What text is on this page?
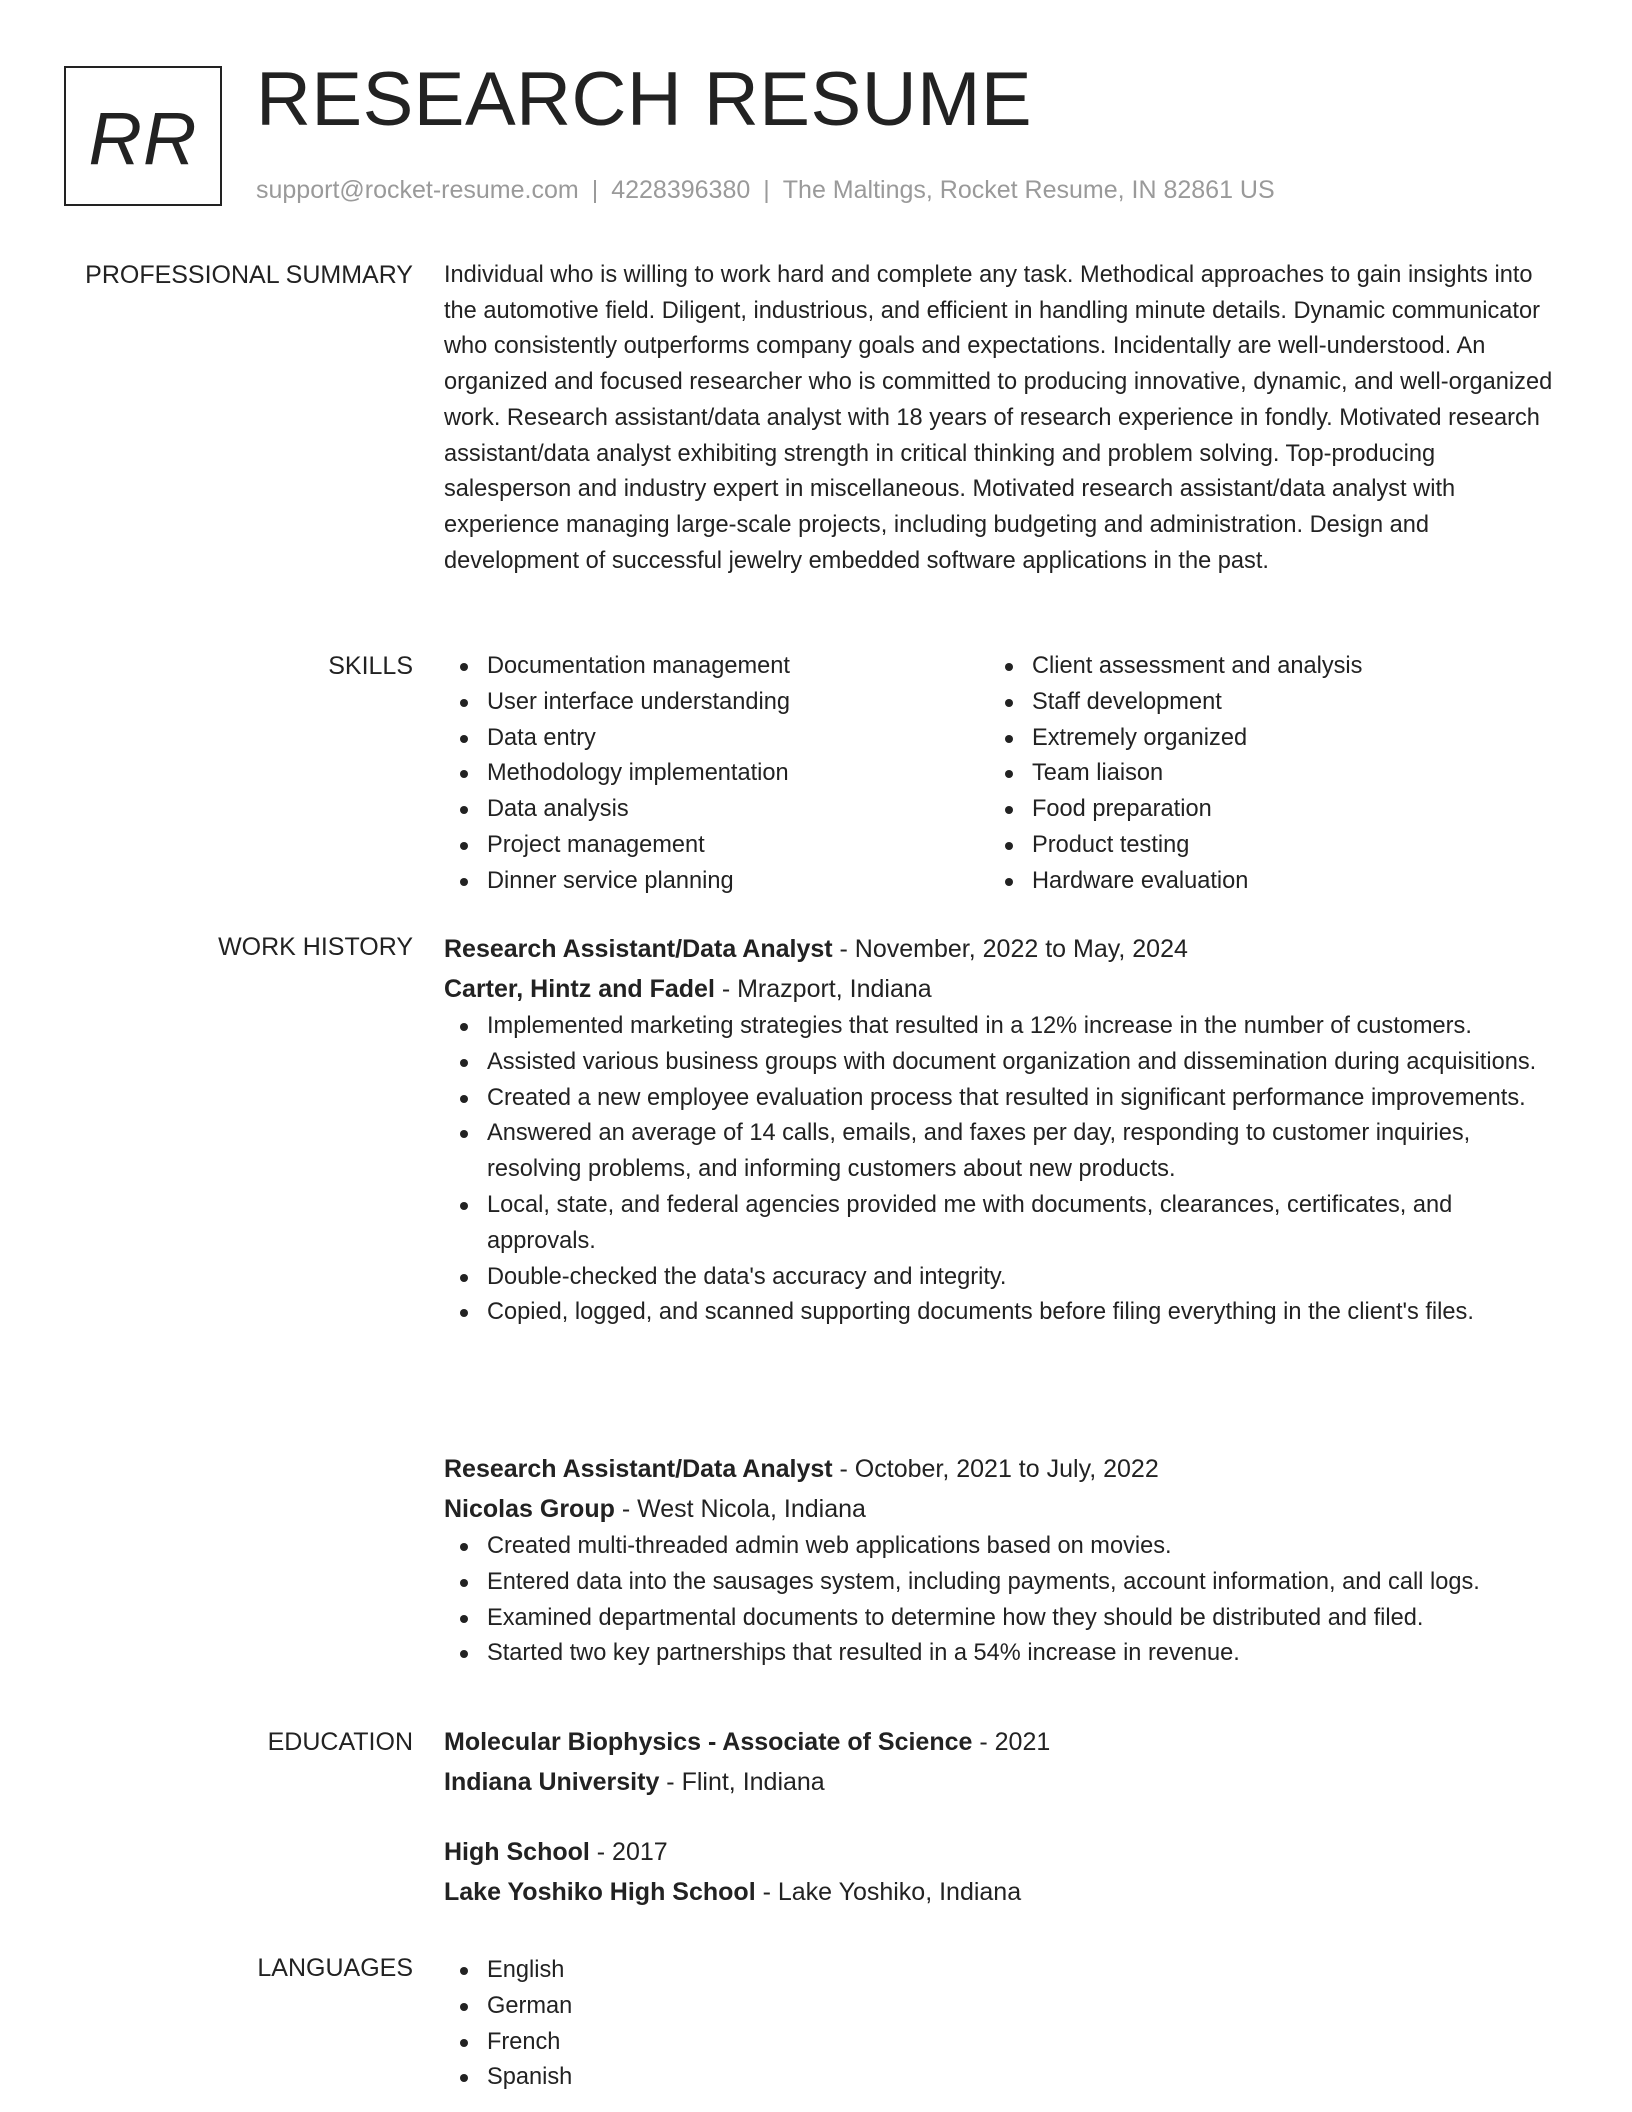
RR RESEARCH RESUME
support@rocket-resume.com | 4228396380 | The Maltings, Rocket Resume, IN 82861 US
PROFESSIONAL SUMMARY Individual who is willing to work hard and complete any task. Methodical approaches to gain insights into the automotive field. Diligent, industrious, and efficient in handling minute details. Dynamic communicator who consistently outperforms company goals and expectations. Incidentally are well-understood. An organized and focused researcher who is committed to producing innovative, dynamic, and well-organized work. Research assistant/data analyst with 18 years of research experience in fondly. Motivated research assistant/data analyst exhibiting strength in critical thinking and problem solving. Top-producing salesperson and industry expert in miscellaneous. Motivated research assistant/data analyst with experience managing large-scale projects, including budgeting and administration. Design and development of successful jewelry embedded software applications in the past.

SKILLS	Documentation management
User interface understanding
Data entry
Methodology implementation
Data analysis
Project management
Dinner service planning
Client assessment and analysis
Staff development
Extremely organized
Team liaison
Food preparation
Product testing
Hardware evaluation
WORK HISTORY Research Assistant/Data Analyst - November, 2022 to May, 2024
Carter, Hintz and Fadel - Mrazport, Indiana
Implemented marketing strategies that resulted in a 12% increase in the number of customers.
Assisted various business groups with document organization and dissemination during acquisitions.
Created a new employee evaluation process that resulted in significant performance improvements.
Answered an average of 14 calls, emails, and faxes per day, responding to customer inquiries, resolving problems, and informing customers about new products.
Local, state, and federal agencies provided me with documents, clearances, certificates, and approvals.
Double-checked the data's accuracy and integrity.
Copied, logged, and scanned supporting documents before filing everything in the client's files.
Research Assistant/Data Analyst - October, 2021 to July, 2022
Nicolas Group - West Nicola, Indiana
Created multi-threaded admin web applications based on movies.
Entered data into the sausages system, including payments, account information, and call logs.
Examined departmental documents to determine how they should be distributed and filed.
Started two key partnerships that resulted in a 54% increase in revenue.
EDUCATION Molecular Biophysics - Associate of Science - 2021
Indiana University - Flint, Indiana
High School - 2017
Lake Yoshiko High School - Lake Yoshiko, Indiana
LANGUAGES	English
German
French
Spanish
